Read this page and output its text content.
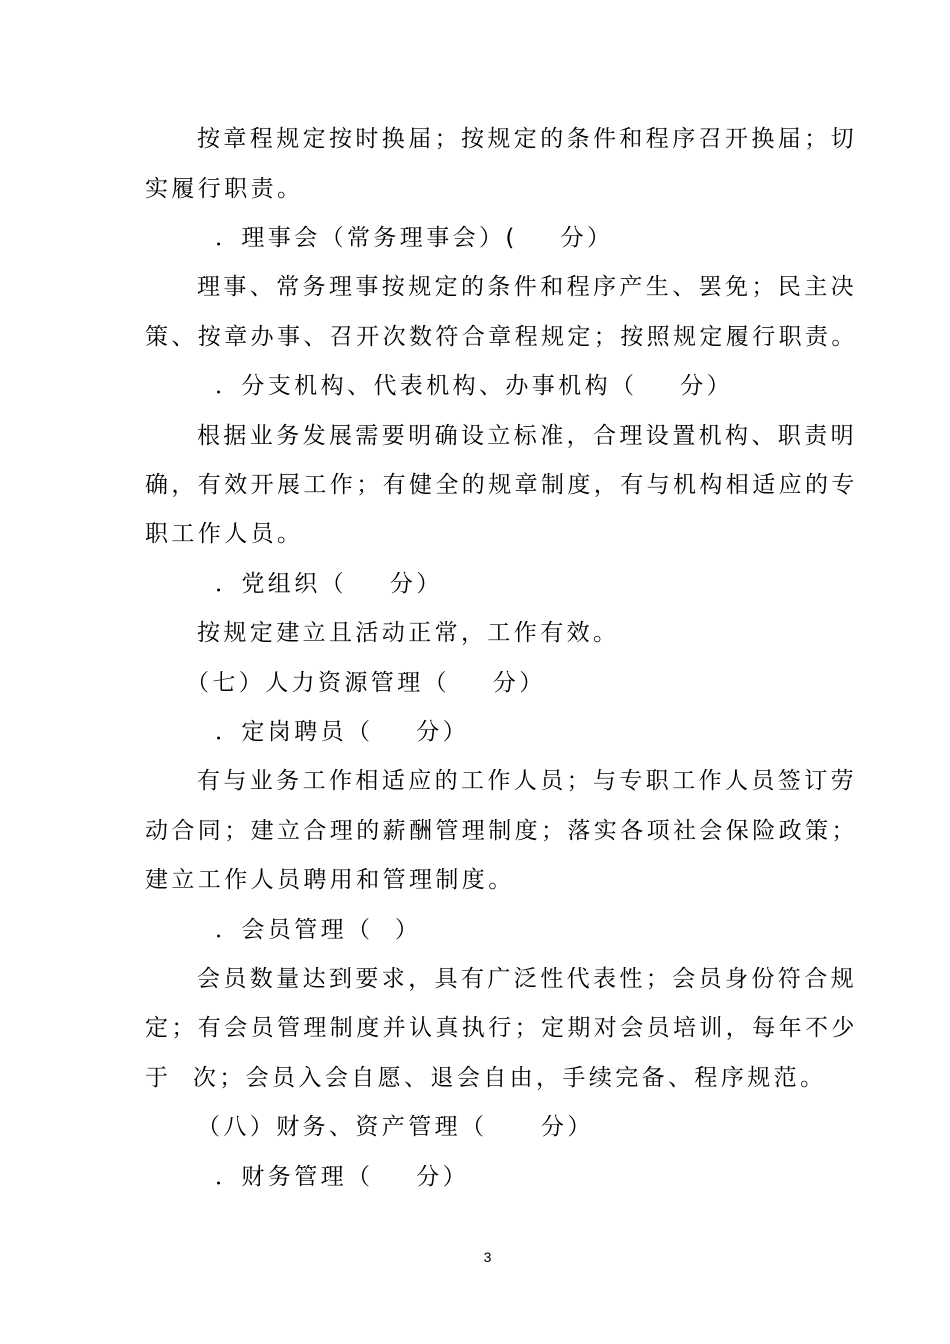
按章程规定按时换届；按规定的条件和程序召开换届；切
实履行职责。
．理事会（常务理事会）(    分）
理事、常务理事按规定的条件和程序产生、罢免；民主决
策、按章办事、召开次数符合章程规定；按照规定履行职责。
．分支机构、代表机构、办事机构（    分）
根据业务发展需要明确设立标准，合理设置机构、职责明
确，有效开展工作；有健全的规章制度，有与机构相适应的专
职工作人员。
．党组织（    分）
按规定建立且活动正常，工作有效。
（七）人力资源管理（    分）
．定岗聘员（    分）
有与业务工作相适应的工作人员；与专职工作人员签订劳
动合同；建立合理的薪酬管理制度；落实各项社会保险政策；
建立工作人员聘用和管理制度。
．会员管理（  ）
会员数量达到要求，具有广泛性代表性；会员身份符合规
定；有会员管理制度并认真执行；定期对会员培训，每年不少
于  次；会员入会自愿、退会自由，手续完备、程序规范。
（八）财务、资产管理（     分）
．财务管理（    分）
3
